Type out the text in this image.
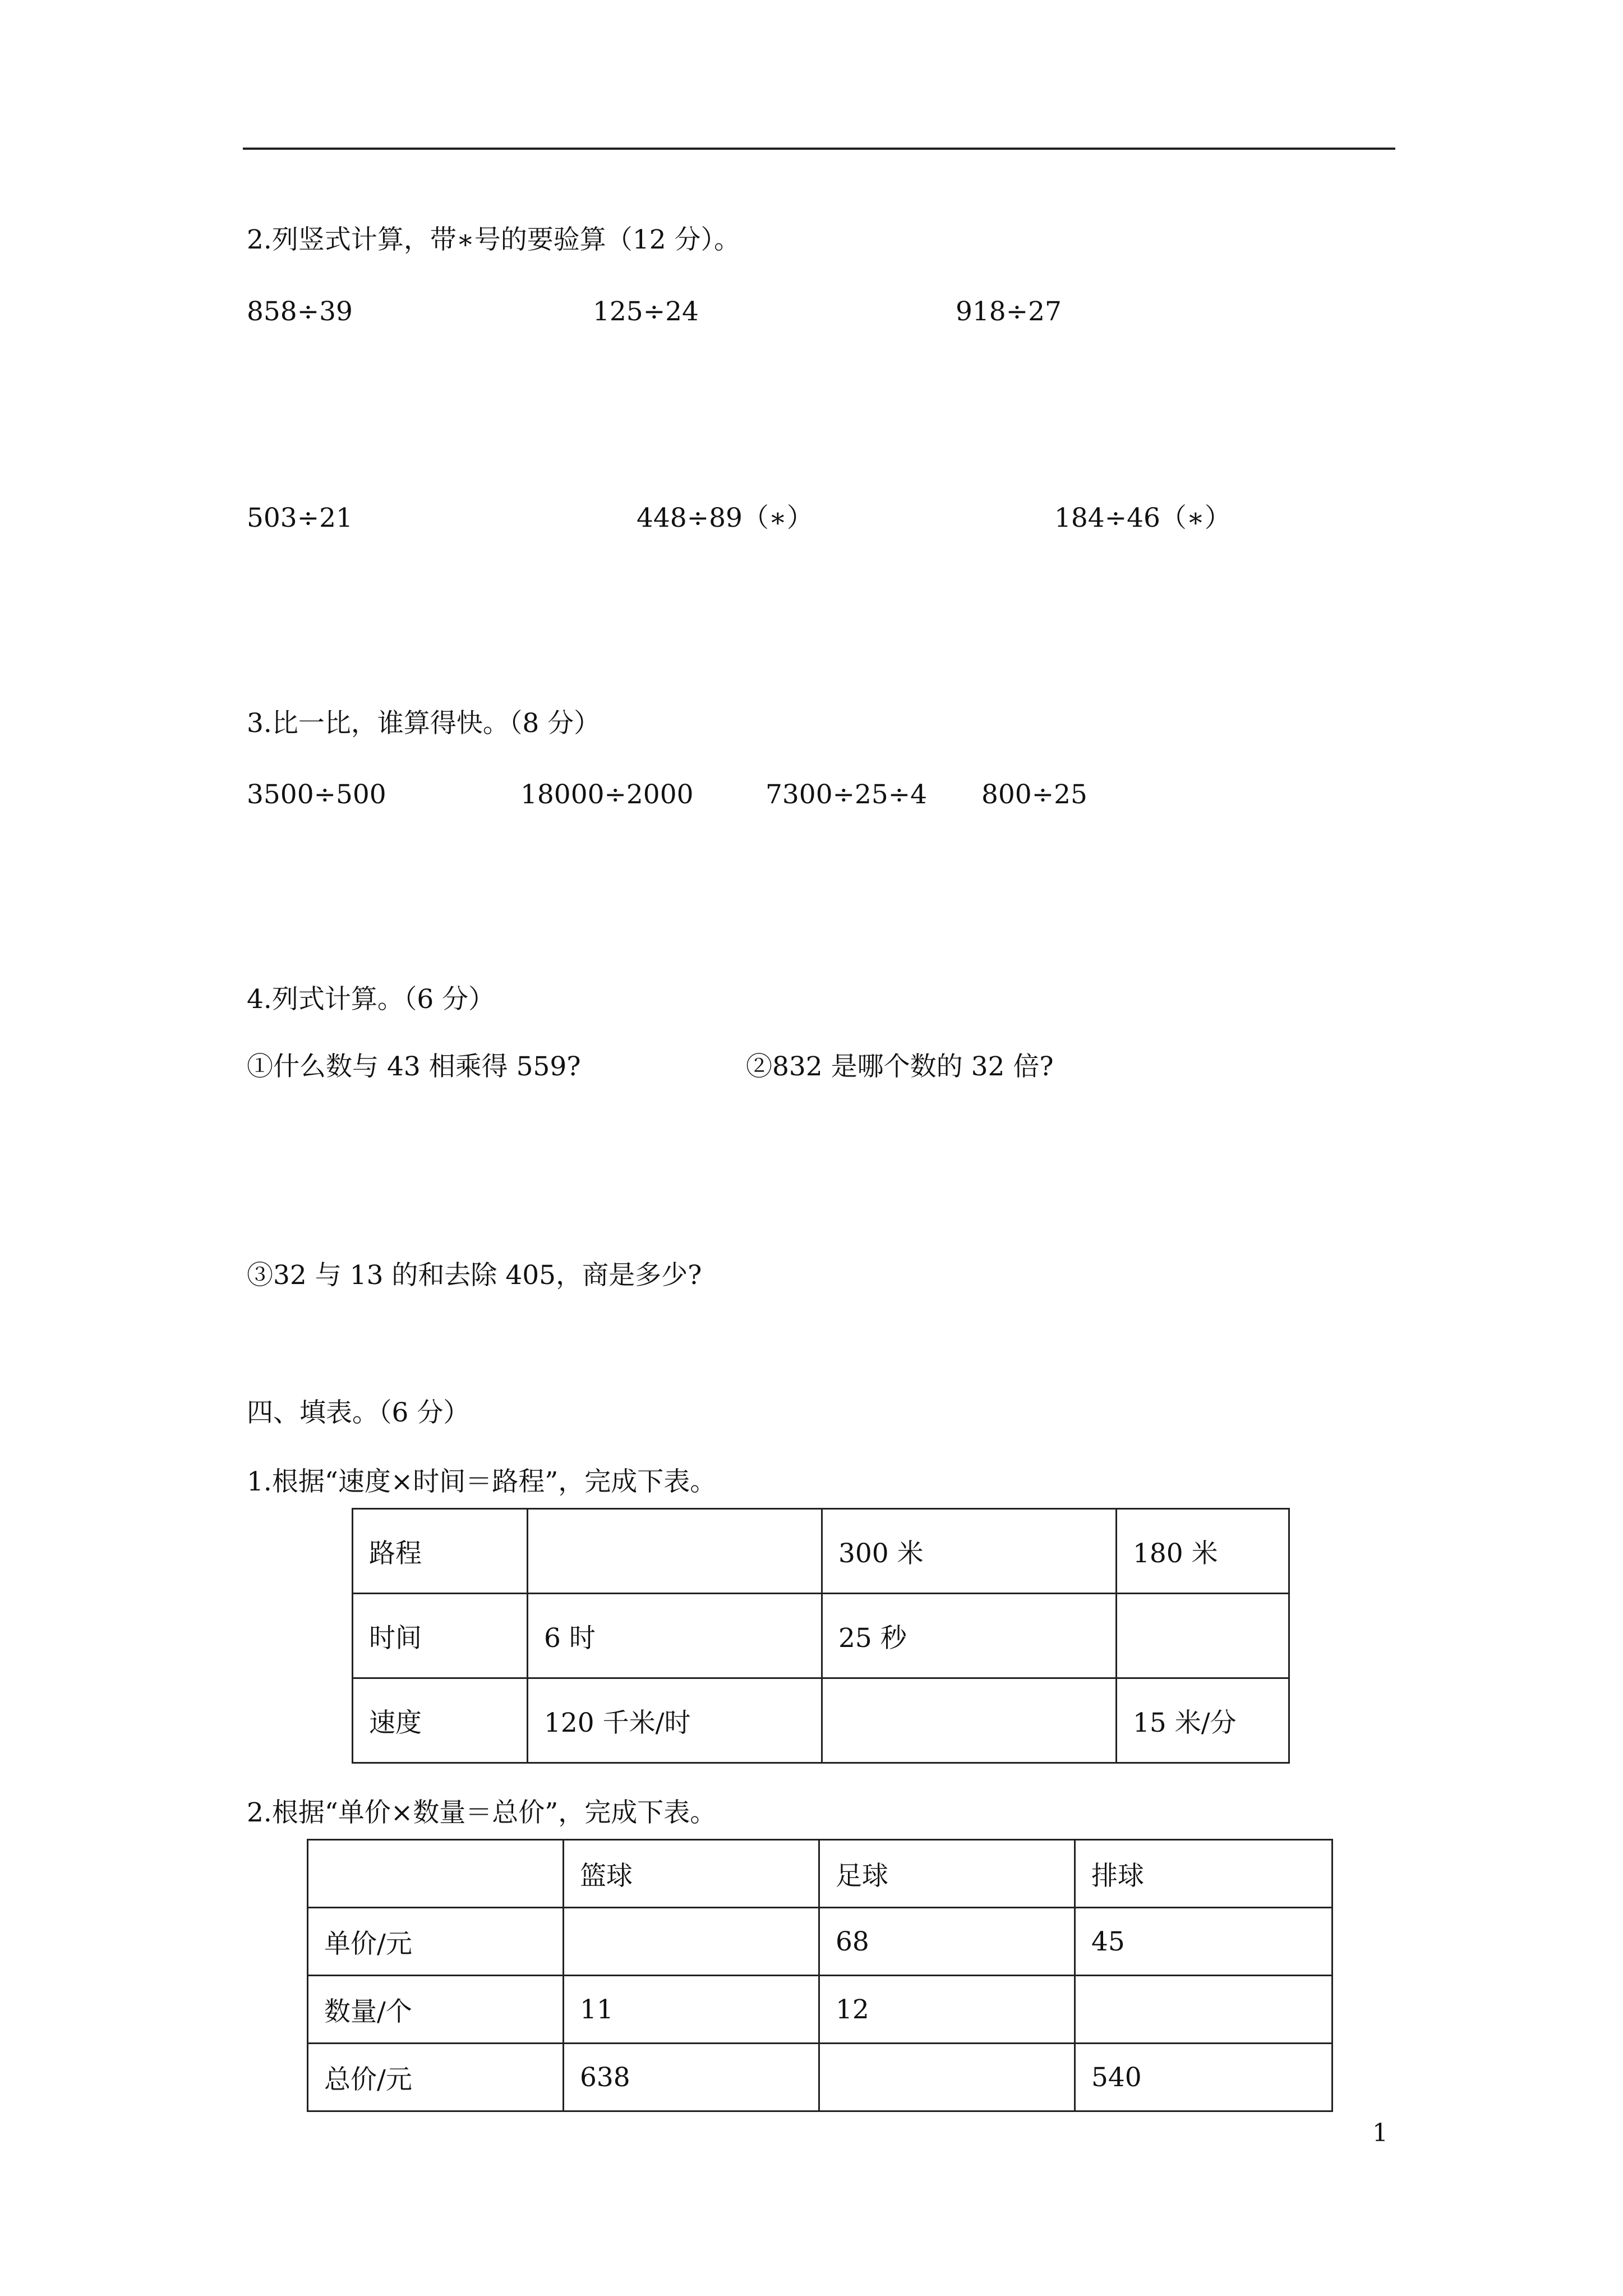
2.列竖式计算，带∗号的要验算（12 分）。
858÷39	125÷24	918÷27
503÷21	448÷89（∗）	184÷46（∗）
3.比一比，谁算得快。（8 分）
3500÷500	18000÷2000	7300÷25÷4 800÷25
4.列式计算。（6 分）
①什么数与 43 相乘得 559?	②832 是哪个数的 32 倍?
③32 与 13 的和去除 405，商是多少?
四、填表。（6 分）
1.根据“速度×时间＝路程”，完成下表。
路程		300 米	180 米
时间	6 时	25 秒	
速度	120 千米/时		15 米/分
2.根据“单价×数量＝总价”，完成下表。
	篮球	足球	排球
单价/元		68	45
数量/个	11	12	
总价/元	638		540
1
